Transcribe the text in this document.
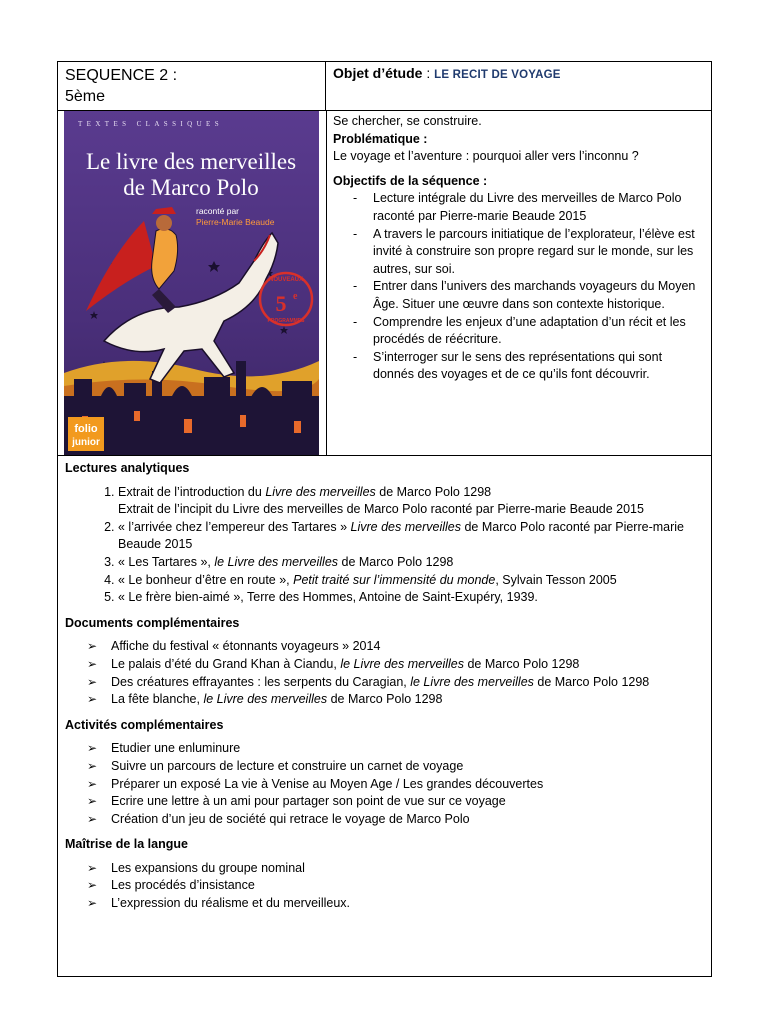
SEQUENCE 2 :
5ème
Objet d’étude : LE RECIT DE VOYAGE
TEXTES CLASSIQUES
Le livre des merveilles
de Marco Polo
raconté par
Pierre-Marie Beaude
NOUVEAUX
5 e
PROGRAMMES
folio
junior
Se chercher, se construire.
Problématique :
Le voyage et l’aventure : pourquoi aller vers l’inconnu ?
Objectifs de la séquence :
- Lecture intégrale du Livre des merveilles de Marco Polo raconté par Pierre-marie Beaude 2015
- A travers le parcours initiatique de l’explorateur, l’élève est invité à construire son propre regard sur le monde, sur les autres, sur soi.
- Entrer dans l’univers des marchands voyageurs du Moyen Âge. Situer une œuvre dans son contexte historique.
- Comprendre les enjeux d’une adaptation d’un récit et les procédés de réécriture.
- S’interroger sur le sens des représentations qui sont donnés des voyages et de ce qu’ils font découvrir.

Lectures analytiques

1. Extrait de l’introduction du Livre des merveilles de Marco Polo 1298
Extrait de l’incipit du Livre des merveilles de Marco Polo raconté par Pierre-marie Beaude 2015
2. « l’arrivée chez l’empereur des Tartares » Livre des merveilles de Marco Polo raconté par Pierre-marie Beaude 2015
3. « Les Tartares », le Livre des merveilles de Marco Polo 1298
4. « Le bonheur d’être en route », Petit traité sur l’immensité du monde, Sylvain Tesson 2005
5. « Le frère bien-aimé », Terre des Hommes, Antoine de Saint-Exupéry, 1939.

Documents complémentaires

➢ Affiche du festival « étonnants voyageurs » 2014
➢ Le palais d’été du Grand Khan à Ciandu, le Livre des merveilles de Marco Polo 1298
➢ Des créatures effrayantes : les serpents du Caragian, le Livre des merveilles de Marco Polo 1298
➢ La fête blanche, le Livre des merveilles de Marco Polo 1298

Activités complémentaires

➢ Etudier une enluminure
➢ Suivre un parcours de lecture et construire un carnet de voyage
➢ Préparer un exposé La vie à Venise au Moyen Age / Les grandes découvertes
➢ Ecrire une lettre à un ami pour partager son point de vue sur ce voyage
➢ Création d’un jeu de société qui retrace le voyage de Marco Polo

Maîtrise de la langue

➢ Les expansions du groupe nominal
➢ Les procédés d’insistance
➢ L’expression du réalisme et du merveilleux.
